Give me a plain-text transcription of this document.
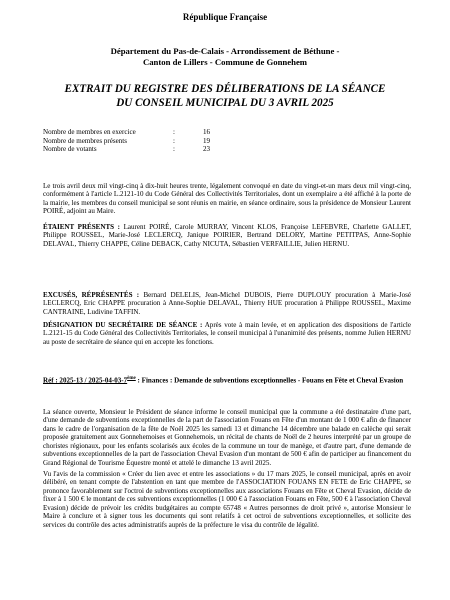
République Française
Département du Pas-de-Calais - Arrondissement de Béthune -
Canton de Lillers - Commune de Gonnehem
EXTRAIT DU REGISTRE DES DÉLIBERATIONS DE LA SÉANCE
DU CONSEIL MUNICIPAL DU 3 AVRIL 2025
Nombre de membres en exercice	:	16
Nombre de membres présents	:	19
Nombre de votants	:	23

Le trois avril deux mil vingt-cinq à dix-huit heures trente, légalement convoqué en date du vingt-et-un mars deux mil vingt-cinq, conformément à l'article L.2121-10 du Code Général des Collectivités Territoriales, dont un exemplaire a été affiché à la porte de la mairie, les membres du conseil municipal se sont réunis en mairie, en séance ordinaire, sous la présidence de Monsieur Laurent POIRÉ, adjoint au Maire.

ÉTAIENT PRÉSENTS : Laurent POIRÉ, Carole MURRAY, Vincent KLOS, Françoise LEFEBVRE, Charlette GALLET, Philippe ROUSSEL, Marie-José LECLERCQ, Janique POIRIER, Bertrand DELORY, Martine PETITPAS, Anne-Sophie DELAVAL, Thierry CHAPPE, Céline DEBACK, Cathy NICUTA, Sébastien VERFAILLIE, Julien HERNU.

EXCUSÉS, RÉPRÉSENTÉS : Bernard DELELIS, Jean-Michel DUBOIS, Pierre DUPLOUY procuration à Marie-José LECLERCQ, Eric CHAPPE procuration à Anne-Sophie DELAVAL, Thierry HUE procuration à Philippe ROUSSEL, Maxime CANTRAINE, Ludivine TAFFIN.

DÉSIGNATION DU SECRÉTAIRE DE SÉANCE : Après vote à main levée, et en application des dispositions de l'article L.2121-15 du Code Général des Collectivités Territoriales, le conseil municipal à l'unanimité des présents, nomme Julien HERNU au poste de secrétaire de séance qui en accepte les fonctions.

Réf : 2025-13 / 2025-04-03-7ème : Finances : Demande de subventions exceptionnelles - Fouans en Fête et Cheval Evasion

La séance ouverte, Monsieur le Président de séance informe le conseil municipal que la commune a été destinataire d'une part, d'une demande de subventions exceptionnelles de la part de l'association Fouans en Fête d'un montant de 1 000 € afin de financer dans le cadre de l'organisation de la fête de Noël 2025 les samedi 13 et dimanche 14 décembre une balade en calèche qui serait proposée gratuitement aux Gonnehemoises et Gonnehemois, un récital de chants de Noël de 2 heures interprété par un groupe de choristes régionaux, pour les enfants scolarisés aux écoles de la commune un tour de manège, et d'autre part, d'une demande de subventions exceptionnelles de la part de l'association Cheval Evasion d'un montant de 500 € afin de participer au financement du Grand Régional de Tourisme Équestre monté et attelé le dimanche 13 avril 2025.

Vu l'avis de la commission « Créer du lien avec et entre les associations » du 17 mars 2025, le conseil municipal, après en avoir délibéré, en tenant compte de l'abstention en tant que membre de l'ASSOCIATION FOUANS EN FETE de Eric CHAPPE, se prononce favorablement sur l'octroi de subventions exceptionnelles aux associations Fouans en Fête et Cheval Evasion, décide de fixer à 1 500 € le montant de ces subventions exceptionnelles (1 000 € à l'association Fouans en Fête, 500 € à l'association Cheval Evasion) décide de prévoir les crédits budgétaires au compte 65748 « Autres personnes de droit privé », autorise Monsieur le Maire à conclure et à signer tous les documents qui sont relatifs à cet octroi de subventions exceptionnelles, et sollicite des services du contrôle des actes administratifs auprès de la préfecture le visa du contrôle de légalité.
